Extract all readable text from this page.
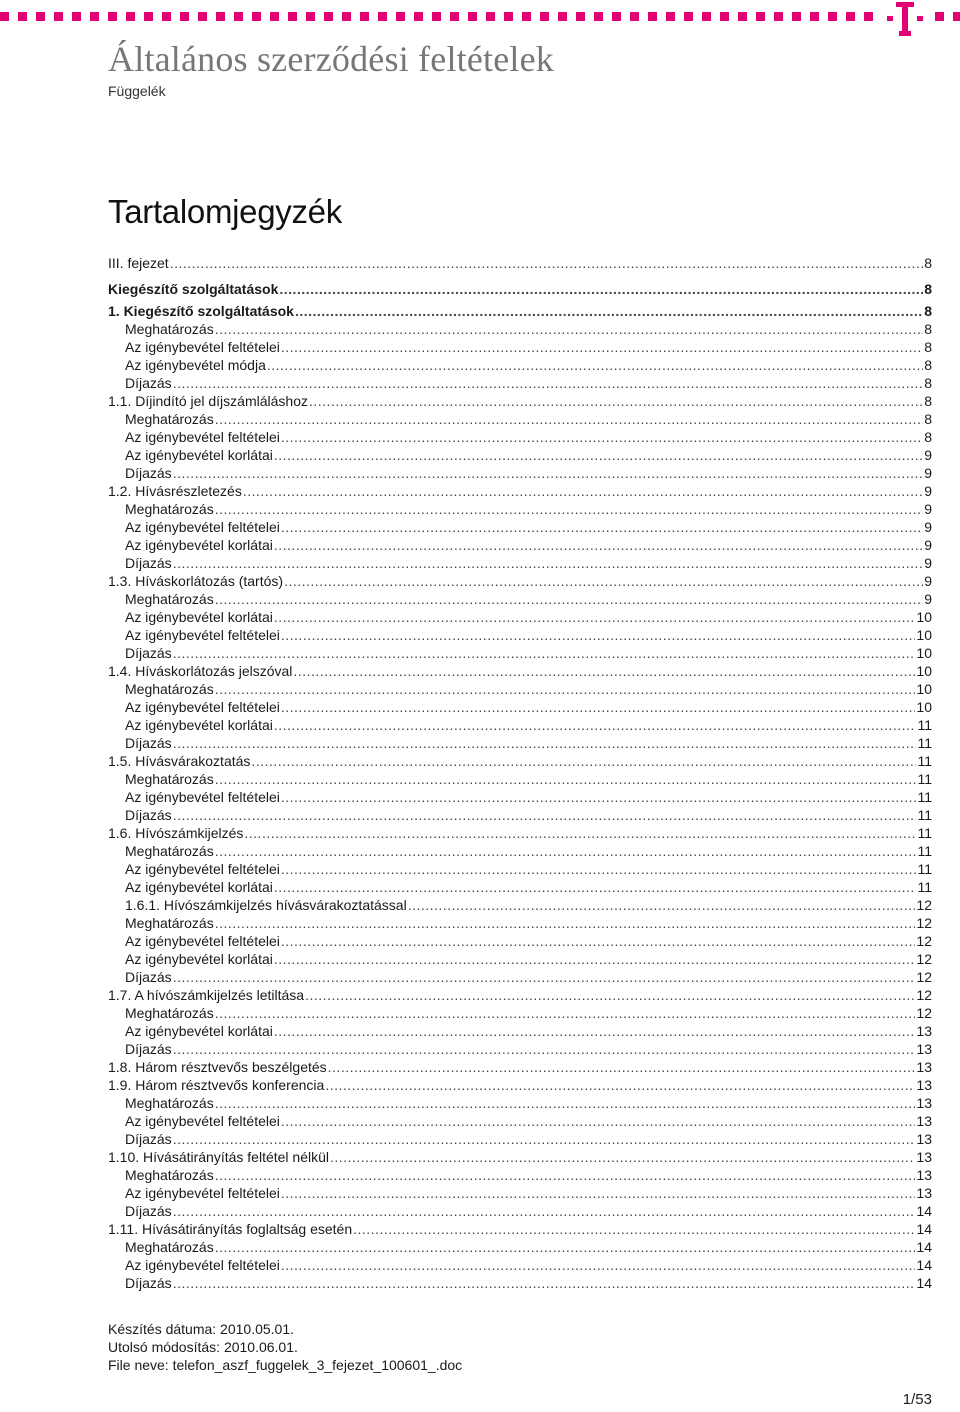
Általános szerződési feltételek
Függelék
Tartalomjegyzék
III. fejezet .....	8
Kiegészítő szolgáltatások .....	8
1. Kiegészítő szolgáltatások .....	8
Meghatározás .....	8
Az igénybevétel feltételei .....	8
Az igénybevétel módja .....	8
Díjazás .....	8
1.1. Díjindító jel díjszámláláshoz .....	8
Meghatározás .....	8
Az igénybevétel feltételei .....	8
Az igénybevétel korlátai .....	9
Díjazás .....	9
1.2. Hívásrészletezés .....	9
Meghatározás .....	9
Az igénybevétel feltételei .....	9
Az igénybevétel korlátai .....	9
Díjazás .....	9
1.3. Híváskorlátozás (tartós) .....	9
Meghatározás .....	9
Az igénybevétel korlátai .....	10
Az igénybevétel feltételei .....	10
Díjazás .....	10
1.4. Híváskorlátozás jelszóval .....	10
Meghatározás .....	10
Az igénybevétel feltételei .....	10
Az igénybevétel korlátai .....	11
Díjazás .....	11
1.5. Hívásvárakoztatás .....	11
Meghatározás .....	11
Az igénybevétel feltételei .....	11
Díjazás .....	11
1.6. Hívószámkijelzés .....	11
Meghatározás .....	11
Az igénybevétel feltételei .....	11
Az igénybevétel korlátai .....	11
1.6.1. Hívószámkijelzés hívásvárakoztatással .....	12
Meghatározás .....	12
Az igénybevétel feltételei .....	12
Az igénybevétel korlátai .....	12
Díjazás .....	12
1.7. A hívószámkijelzés letiltása .....	12
Meghatározás .....	12
Az igénybevétel korlátai .....	13
Díjazás .....	13
1.8. Három résztvevős beszélgetés .....	13
1.9. Három résztvevős konferencia .....	13
Meghatározás .....	13
Az igénybevétel feltételei .....	13
Díjazás .....	13
1.10. Hívásátirányítás feltétel nélkül .....	13
Meghatározás .....	13
Az igénybevétel feltételei .....	13
Díjazás .....	14
1.11. Hívásátirányítás foglaltság esetén .....	14
Meghatározás .....	14
Az igénybevétel feltételei .....	14
Díjazás .....	14
Készítés dátuma: 2010.05.01.
Utolsó módosítás: 2010.06.01.
File neve: telefon_aszf_fuggelek_3_fejezet_100601_.doc
1/53
